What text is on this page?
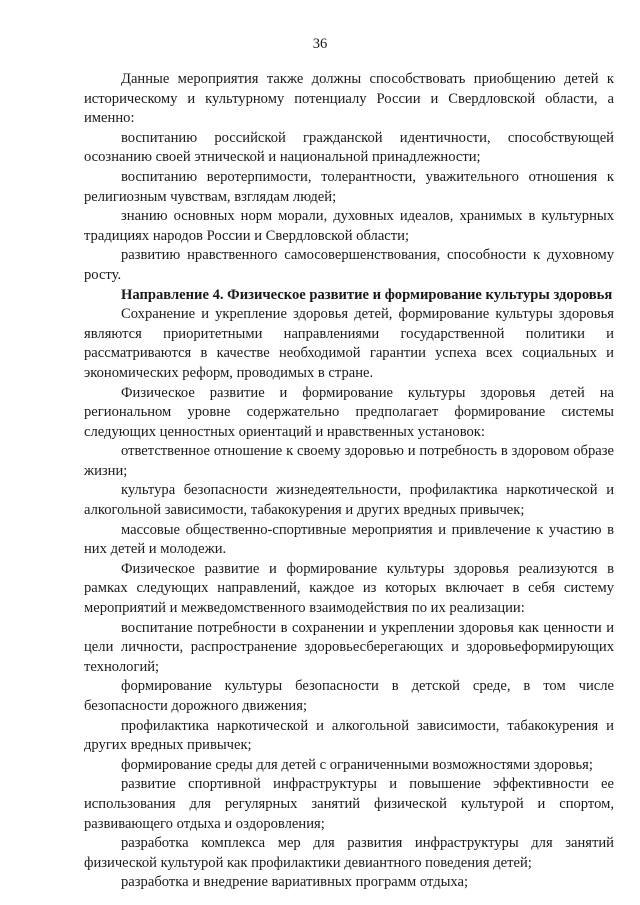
36

Данные мероприятия также должны способствовать приобщению детей к историческому и культурному потенциалу России и Свердловской области, а именно:

воспитанию российской гражданской идентичности, способствующей осознанию своей этнической и национальной принадлежности;

воспитанию веротерпимости, толерантности, уважительного отношения к религиозным чувствам, взглядам людей;

знанию основных норм морали, духовных идеалов, хранимых в культурных традициях народов России и Свердловской области;

развитию нравственного самосовершенствования, способности к духовному росту.

Направление 4. Физическое развитие и формирование культуры здоровья

Сохранение и укрепление здоровья детей, формирование культуры здоровья являются приоритетными направлениями государственной политики и рассматриваются в качестве необходимой гарантии успеха всех социальных и экономических реформ, проводимых в стране.

Физическое развитие и формирование культуры здоровья детей на региональном уровне содержательно предполагает формирование системы следующих ценностных ориентаций и нравственных установок:

ответственное отношение к своему здоровью и потребность в здоровом образе жизни;

культура безопасности жизнедеятельности, профилактика наркотической и алкогольной зависимости, табакокурения и других вредных привычек;

массовые общественно-спортивные мероприятия и привлечение к участию в них детей и молодежи.

Физическое развитие и формирование культуры здоровья реализуются в рамках следующих направлений, каждое из которых включает в себя систему мероприятий и межведомственного взаимодействия по их реализации:

воспитание потребности в сохранении и укреплении здоровья как ценности и цели личности, распространение здоровьесберегающих и здоровьеформирующих технологий;

формирование культуры безопасности в детской среде, в том числе безопасности дорожного движения;

профилактика наркотической и алкогольной зависимости, табакокурения и других вредных привычек;

формирование среды для детей с ограниченными возможностями здоровья;

развитие спортивной инфраструктуры и повышение эффективности ее использования для регулярных занятий физической культурой и спортом, развивающего отдыха и оздоровления;

разработка комплекса мер для развития инфраструктуры для занятий физической культурой как профилактики девиантного поведения детей;

разработка и внедрение вариативных программ отдыха;
